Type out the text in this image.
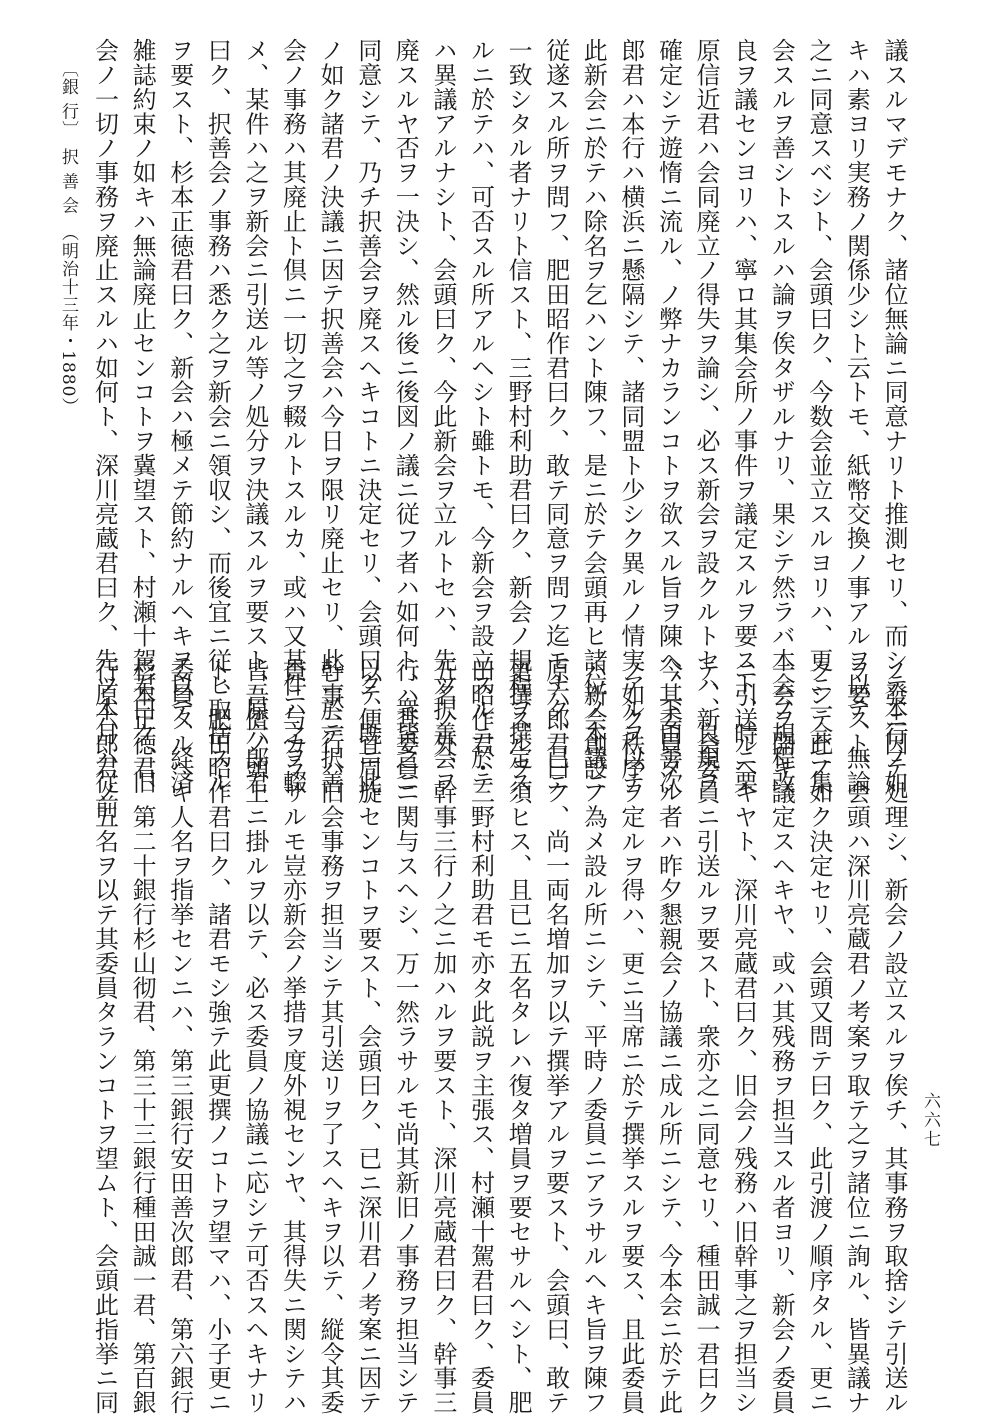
六六七
議スルマデモナク、諸位無論ニ同意ナリト推測セリ、而シテ本行ノ如
キハ素ヨリ実務ノ関係少シト云トモ、紙幣交換ノ事アルヲ以テ、無論
之ニ同意スベシト、会頭曰ク、今数会並立スルヨリハ、更ニ一会ニ集
会スルヲ善シトスルハ論ヲ俟タザルナリ、果シテ然ラバ本会ノ規程改
良ヲ議センヨリハ、寧ロ其集会所ノ事件ヲ議定スルヲ要スト、時ニ栗
原信近君ハ会同廃立ノ得失ヲ論シ、必ス新会ヲ設クルトセハ、良規ヲ
確定シテ遊惰ニ流ル、ノ弊ナカランコトヲ欲スル旨ヲ陳ヘ、下田善次
郎君ハ本行ハ横浜ニ懸隔シテ、諸同盟ト少シク異ルノ情実アルヲ以テ
此新会ニ於テハ除名ヲ乞ハント陳フ、是ニ於テ会頭再ヒ諸位ノ本議ニ
従遂スル所ヲ問フ、肥田昭作君曰ク、敢テ同意ヲ問フ迄モナク、已ニ
一致シタル者ナリト信スト、三野村利助君曰ク、新会ノ規程ヲ撰定ス
ルニ於テハ、可否スル所アルヘシト雖トモ、今新会ヲ設立スルニ於テ
ハ異議アルナシト、会頭曰ク、今此新会ヲ立ルトセハ、先ツ択善会ヲ
廃スルヤ否ヲ一決シ、然ル後ニ後図ノ議ニ従フ者ハ如何ト、衆皆之ニ
同意シテ、乃チ択善会ヲ廃スヘキコトニ決定セリ、会頭曰ク、既ニ此
ノ如ク諸君ノ決議ニ因テ択善会ハ今日ヲ限リ廃止セリ、此ニ於テ択善
会ノ事務ハ其廃止ト倶ニ一切之ヲ輟ルトスルカ、或ハ又某件ハ之ヲ輟
メ、某件ハ之ヲ新会ニ引送ル等ノ処分ヲ決議スルヲ要スト、原六郎君
曰ク、択善会ノ事務ハ悉ク之ヲ新会ニ領収シ、而後宜ニ従ヒ取捨スル
ヲ要スト、杉本正徳君曰ク、新会ハ極メテ節約ナルヘキヲ以テ、経済
雑誌約束ノ如キハ無論廃止センコトヲ冀望スト、村瀬十駕君曰ク、旧
会ノ一切ノ事務ヲ廃止スルハ如何ト、深川亮蔵君曰ク、先ツ本月ハ従前
ノ發ニ因テ処理シ、新会ノ設立スルヲ俟チ、其事務ヲ取捨シテ引送ル
ヲ要スト、会頭ハ深川亮蔵君ノ考案ヲ取テ之ヲ諸位ニ詢ル、皆異議ナ
クシテ此ノ如ク決定セリ、会頭又問テ曰ク、此引渡ノ順序タル、更ニ
一会ヲ開キ議定スヘキヤ、或ハ其残務ヲ担当スル者ヨリ、新会ノ委員
ニ引送ルヘキヤト、深川亮蔵君曰ク、旧会ノ残務ハ旧幹事之ヲ担当シ
テ、新会委員ニ引送ルヲ要スト、衆亦之ニ同意セリ、種田誠一君曰ク
今其委員タル者ハ昨夕懇親会ノ協議ニ成ル所ニシテ、今本会ニ於テ此
ノ如ク秩序ヲ定ルヲ得ハ、更ニ当席ニ於テ撰挙スルヲ要ス、且此委員
ハ新会創設ノ為メ設ル所ニシテ、平時ノ委員ニアラサルヘキ旨ヲ陳フ
原六郎君曰ク、尚一両名増加ヲ以テ撰挙アルヲ要スト、会頭曰、敢テ
更撰スルヲ須ヒス、且已ニ五名タレハ復タ増員ヲ要セサルヘシト、肥
田昭作君・三野村利助君モ亦タ此説ヲ主張ス、村瀬十駕君曰ク、委員
五名ノ外、幹事三行ノ之ニ加ハルヲ要スト、深川亮蔵君曰ク、幹事三
行ハ其委員ニ関与スヘシ、万一然ラサルモ尚其新旧ノ事務ヲ担当シテ
以テ便宜周旋センコトヲ要スト、会頭曰ク、已ニ深川君ノ考案ニ因テ
幹事三行ハ旧会事務ヲ担当シテ其引送リヲ了スヘキヲ以テ、縦令其委
員ニ与カラサルモ豈亦新会ノ挙措ヲ度外視センヤ、其得失ニ関シテハ
皆吾儕ノ頭上ニ掛ルヲ以テ、必ス委員ノ協議ニ応シテ可否スヘキナリ
ト、肥田昭作君曰ク、諸君モシ強テ此更撰ノコトヲ望マハ、小子更ニ
委員タルヘキ人名ヲ指挙センニハ、第三銀行安田善次郎君、第六銀行
杉本正徳君、第二十銀行杉山彻君、第三十三銀行種田誠一君、第百銀
行原六郎君ノ五名ヲ以テ其委員タランコトヲ望ムト、会頭此指挙ニ同
〔銀 行〕　択 善 会　（明治十三年・1880）
